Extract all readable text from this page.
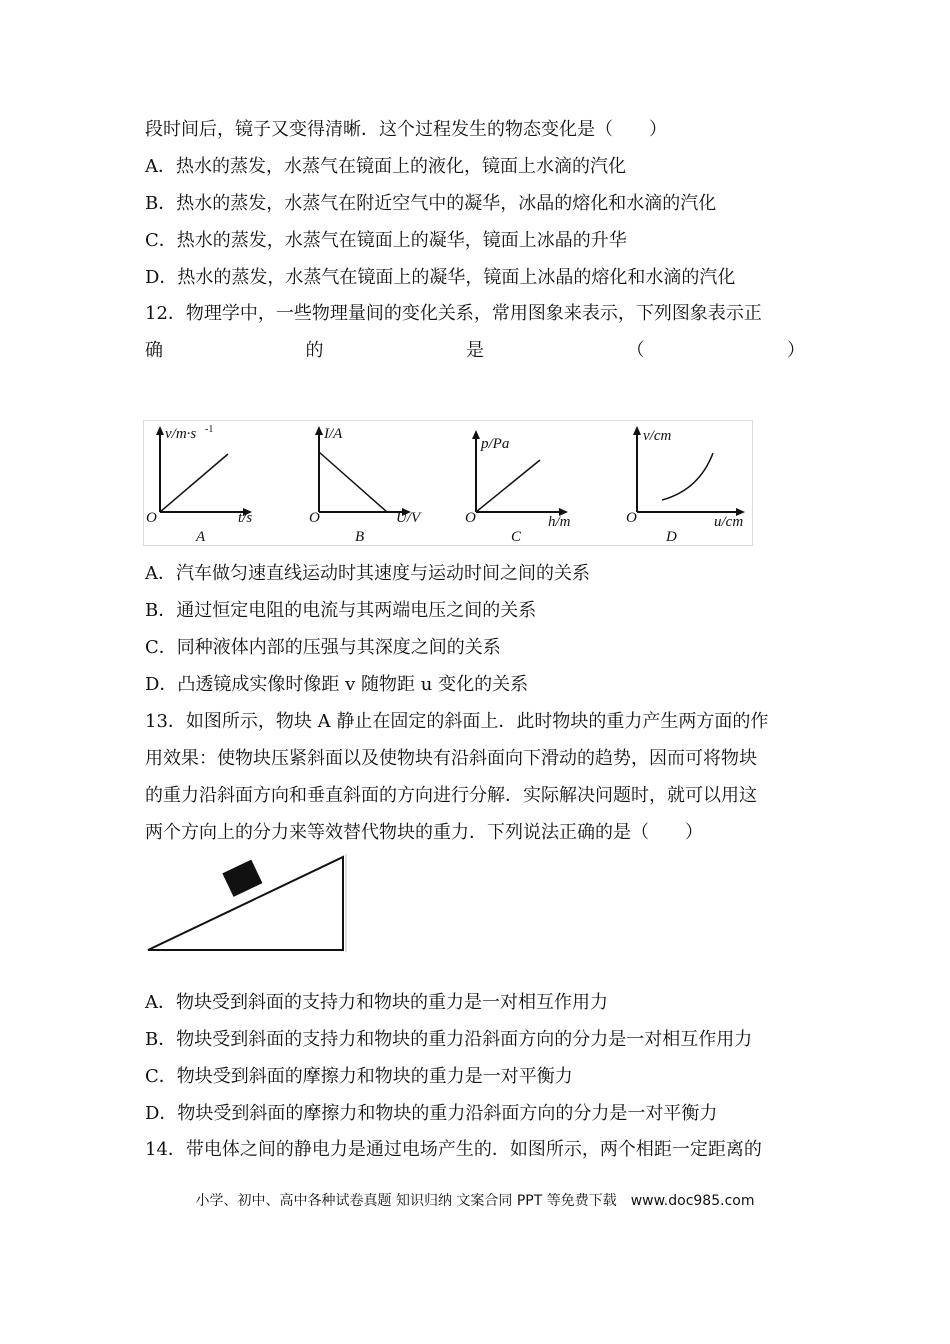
段时间后，镜子又变得清晰．这个过程发生的物态变化是（　　）
A．热水的蒸发，水蒸气在镜面上的液化，镜面上水滴的汽化
B．热水的蒸发，水蒸气在附近空气中的凝华，冰晶的熔化和水滴的汽化
C．热水的蒸发，水蒸气在镜面上的凝华，镜面上冰晶的升华
D．热水的蒸发，水蒸气在镜面上的凝华，镜面上冰晶的熔化和水滴的汽化
12．物理学中，一些物理量间的变化关系，常用图象来表示，下列图象表示正
确	的	是	（	）
v/m·s -1
t/s
O
A
I/A
U/V
O
B
p/Pa
h/m
O
C
v/cm
u/cm
O
D
A．汽车做匀速直线运动时其速度与运动时间之间的关系
B．通过恒定电阻的电流与其两端电压之间的关系
C．同种液体内部的压强与其深度之间的关系
D．凸透镜成实像时像距 v 随物距 u 变化的关系
13．如图所示，物块 A 静止在固定的斜面上．此时物块的重力产生两方面的作
用效果：使物块压紧斜面以及使物块有沿斜面向下滑动的趋势，因而可将物块
的重力沿斜面方向和垂直斜面的方向进行分解．实际解决问题时，就可以用这
两个方向上的分力来等效替代物块的重力．下列说法正确的是（　　）
A．物块受到斜面的支持力和物块的重力是一对相互作用力
B．物块受到斜面的支持力和物块的重力沿斜面方向的分力是一对相互作用力
C．物块受到斜面的摩擦力和物块的重力是一对平衡力
D．物块受到斜面的摩擦力和物块的重力沿斜面方向的分力是一对平衡力
14．带电体之间的静电力是通过电场产生的．如图所示，两个相距一定距离的
小学、初中、高中各种试卷真题 知识归纳 文案合同 PPT 等免费下载　www.doc985.com
